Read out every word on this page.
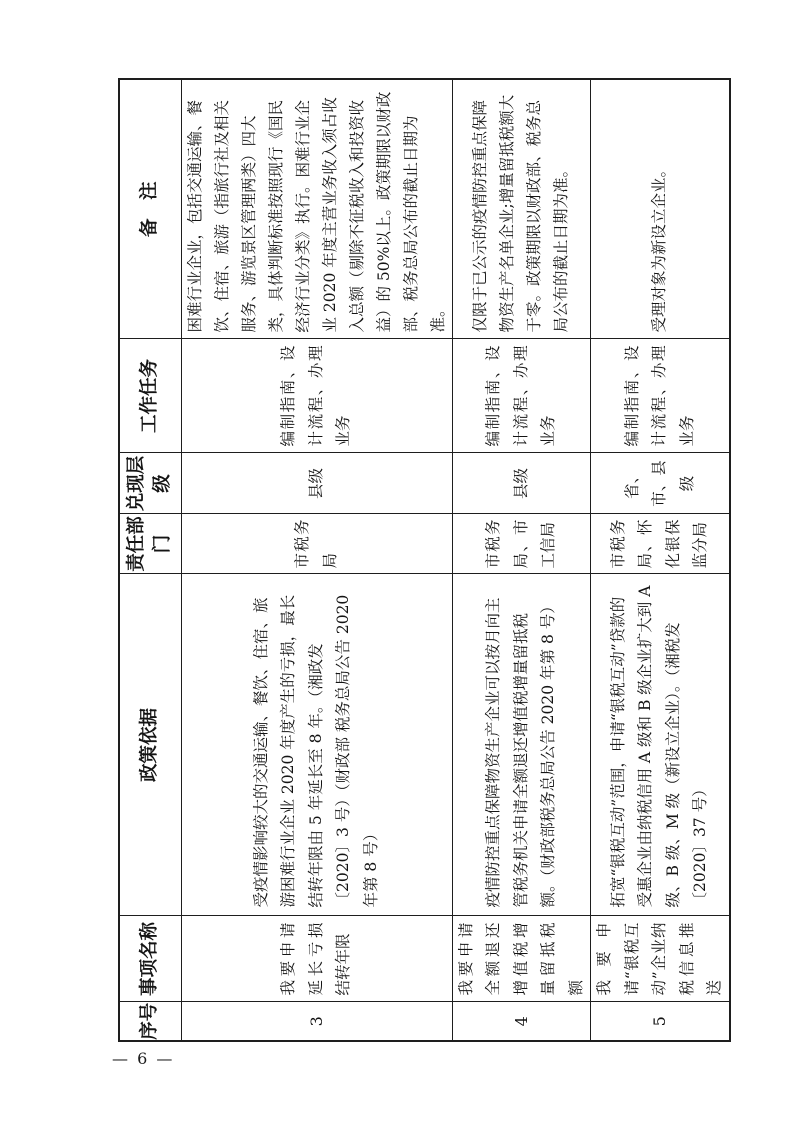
序号	事项名称	政策依据	责任部门	兑现层级	工作任务	备　注
3	我要申请延长亏损结转年限	受疫情影响较大的交通运输、餐饮、住宿、旅游困难行业企业 2020 年度产生的亏损，最长结转年限由 5 年延长至 8 年。（湘政发〔2020〕3 号）（财政部 税务总局公告 2020 年第 8 号）	市税务局	县级	编制指南、设计流程、办理业务	困难行业企业，包括交通运输、餐饮、住宿、旅游（指旅行社及相关服务、游览景区管理两类）四大类，具体判断标准按照现行《国民经济行业分类》执行。困难行业企业 2020 年度主营业务收入须占收入总额（剔除不征税收入和投资收益）的 50%以上。政策期限以财政部、税务总局公布的截止日期为准。
4	我要申请全额退还增值税增量留抵税额	疫情防控重点保障物资生产企业可以按月向主管税务机关申请全额退还增值税增量留抵税额。（财政部税务总局公告 2020 年第 8 号）	市税务局、市工信局	县级	编制指南、设计流程、办理业务	仅限于已公示的疫情防控重点保障物资生产名单企业;增量留抵税额大于零。政策期限以财政部、税务总局公布的截止日期为准。
5	我要申请“银税互动”企业纳税信息推送	拓宽“银税互动”范围，申请“银税互动”贷款的受惠企业由纳税信用 A 级和 B 级企业扩大到 A 级、B 级、M 级（新设立企业）。（湘税发〔2020〕37 号）	市税务局、怀化银保监分局	省、市、县级	编制指南、设计流程、办理业务	受理对象为新设立企业。
— 6 —
